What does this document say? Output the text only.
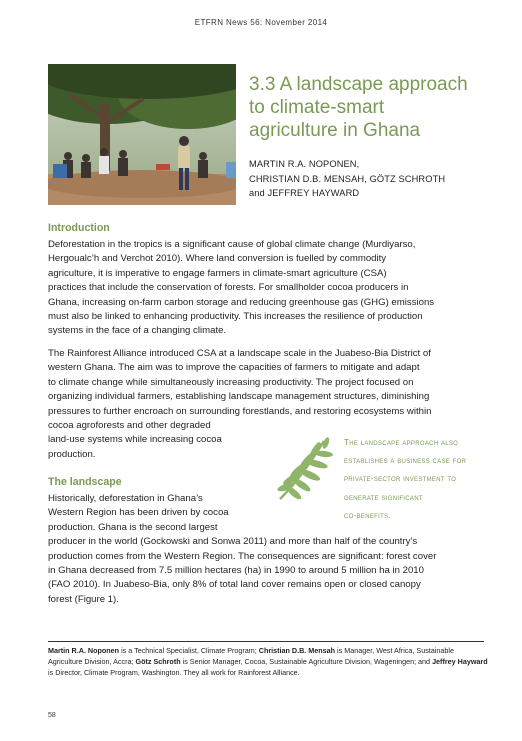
ETFRN News 56: November 2014
3.3 A landscape approach
to climate-smart
agriculture in Ghana
MARTIN R.A. NOPONEN,
CHRISTIAN D.B. MENSAH, GÖTZ SCHROTH
and JEFFREY HAYWARD
Introduction

Deforestation in the tropics is a significant cause of global climate change (Murdiyarso,
Hergoualc’h and Verchot 2010). Where land conversion is fuelled by commodity
agriculture, it is imperative to engage farmers in climate-smart agriculture (CSA)
practices that include the conservation of forests. For smallholder cocoa producers in
Ghana, increasing on-farm carbon storage and reducing greenhouse gas (GHG) emissions
must also be linked to enhancing productivity. This increases the resilience of production
systems in the face of a changing climate.

The Rainforest Alliance introduced CSA at a landscape scale in the Juabeso-Bia District of
western Ghana. The aim was to improve the capacities of farmers to mitigate and adapt
to climate change while simultaneously increasing productivity. The project focused on
organizing individual farmers, establishing landscape management structures, diminishing
pressures to further encroach on surrounding forestlands, and restoring ecosystems within
cocoa agroforests and other degraded
land-use systems while increasing cocoa
production.

The landscape

Historically, deforestation in Ghana’s
Western Region has been driven by cocoa
production. Ghana is the second largest
producer in the world (Gockowski and Sonwa 2011) and more than half of the country’s
production comes from the Western Region. The consequences are significant: forest cover
in Ghana decreased from 7.5 million hectares (ha) in 1990 to around 5 million ha in 2010
(FAO 2010). In Juabeso-Bia, only 8% of total land cover remains open or closed canopy
forest (Figure 1).

The landscape approach also
establishes a business case for
private-sector investment to
generate significant
co-benefits.
Martin R.A. Noponen is a Technical Specialist, Climate Program; Christian D.B. Mensah is Manager, West Africa, Sustainable Agriculture Division, Accra; Götz Schroth is Senior Manager, Cocoa, Sustainable Agriculture Division, Wageningen; and Jeffrey Hayward is Director, Climate Program, Washington. They all work for Rainforest Alliance.
58
